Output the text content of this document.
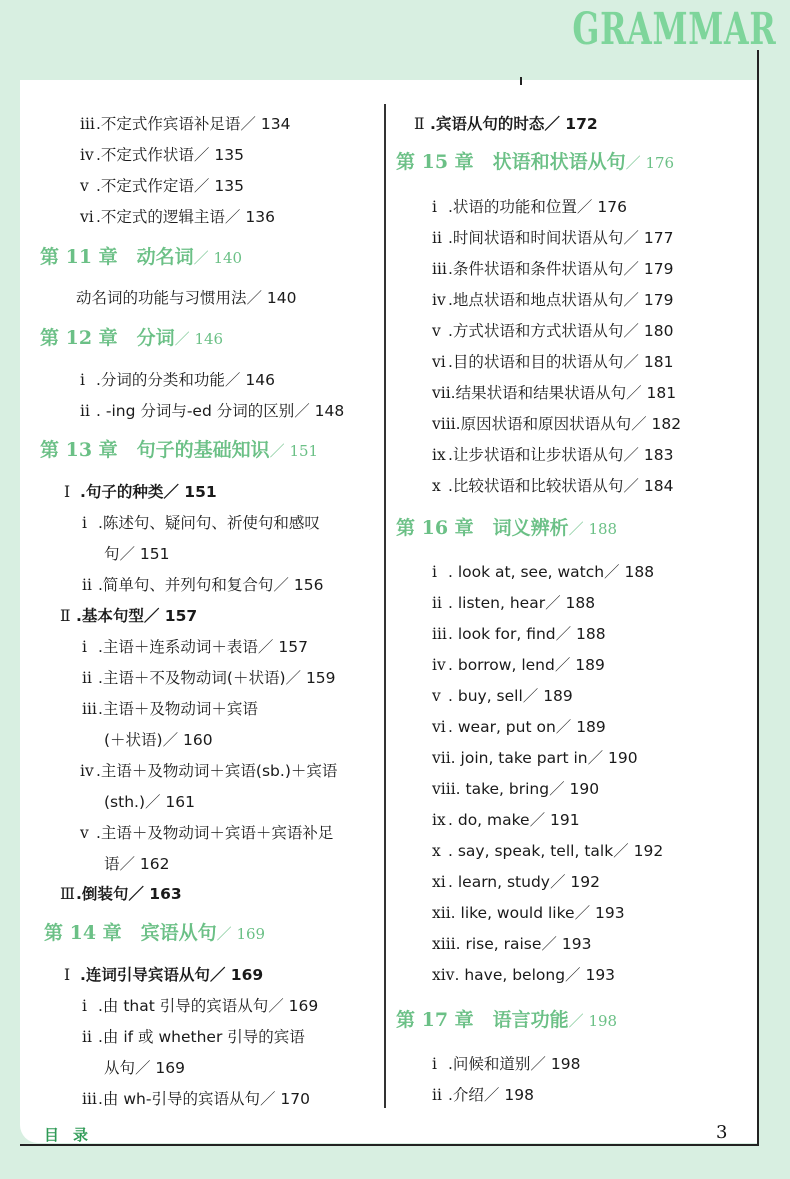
GRAMMAR
ⅲ.不定式作宾语补足语／ 134
ⅳ .不定式作状语／ 135
ⅴ .不定式作定语／ 135
ⅵ .不定式的逻辑主语／ 136
第 11 章　动名词／ 140
动名词的功能与习惯用法／ 140
第 12 章　分词／ 146
ⅰ .分词的分类和功能／ 146
ⅱ . -ing 分词与-ed 分词的区别／ 148
第 13 章　句子的基础知识／ 151
Ⅰ .句子的种类／ 151
ⅰ .陈述句、疑问句、祈使句和感叹
句／ 151
ⅱ .简单句、并列句和复合句／ 156
Ⅱ .基本句型／ 157
ⅰ .主语＋连系动词＋表语／ 157
ⅱ .主语＋不及物动词(＋状语)／ 159
ⅲ.主语＋及物动词＋宾语
(＋状语)／ 160
ⅳ .主语＋及物动词＋宾语(sb.)＋宾语
(sth.)／ 161
ⅴ .主语＋及物动词＋宾语＋宾语补足
语／ 162
Ⅲ.倒装句／ 163
第 14 章　宾语从句／ 169
Ⅰ .连词引导宾语从句／ 169
ⅰ .由 that 引导的宾语从句／ 169
ⅱ .由 if 或 whether 引导的宾语
从句／ 169
ⅲ.由 wh-引导的宾语从句／ 170
Ⅱ .宾语从句的时态／ 172
第 15 章　状语和状语从句／ 176
ⅰ .状语的功能和位置／ 176
ⅱ .时间状语和时间状语从句／ 177
ⅲ.条件状语和条件状语从句／ 179
ⅳ .地点状语和地点状语从句／ 179
ⅴ .方式状语和方式状语从句／ 180
ⅵ .目的状语和目的状语从句／ 181
ⅶ.结果状语和结果状语从句／ 181
ⅷ.原因状语和原因状语从句／ 182
ⅸ .让步状语和让步状语从句／ 183
ⅹ .比较状语和比较状语从句／ 184
第 16 章　词义辨析／ 188
ⅰ . look at, see, watch／ 188
ⅱ . listen, hear／ 188
ⅲ. look for, find／ 188
ⅳ . borrow, lend／ 189
ⅴ . buy, sell／ 189
ⅵ . wear, put on／ 189
ⅶ. join, take part in／ 190
ⅷ. take, bring／ 190
ⅸ . do, make／ 191
ⅹ . say, speak, tell, talk／ 192
ⅹⅰ . learn, study／ 192
ⅹⅱ. like, would like／ 193
ⅹⅲ. rise, raise／ 193
ⅹⅳ. have, belong／ 193
第 17 章　语言功能／ 198
ⅰ .问候和道别／ 198
ⅱ .介绍／ 198
目录	3
